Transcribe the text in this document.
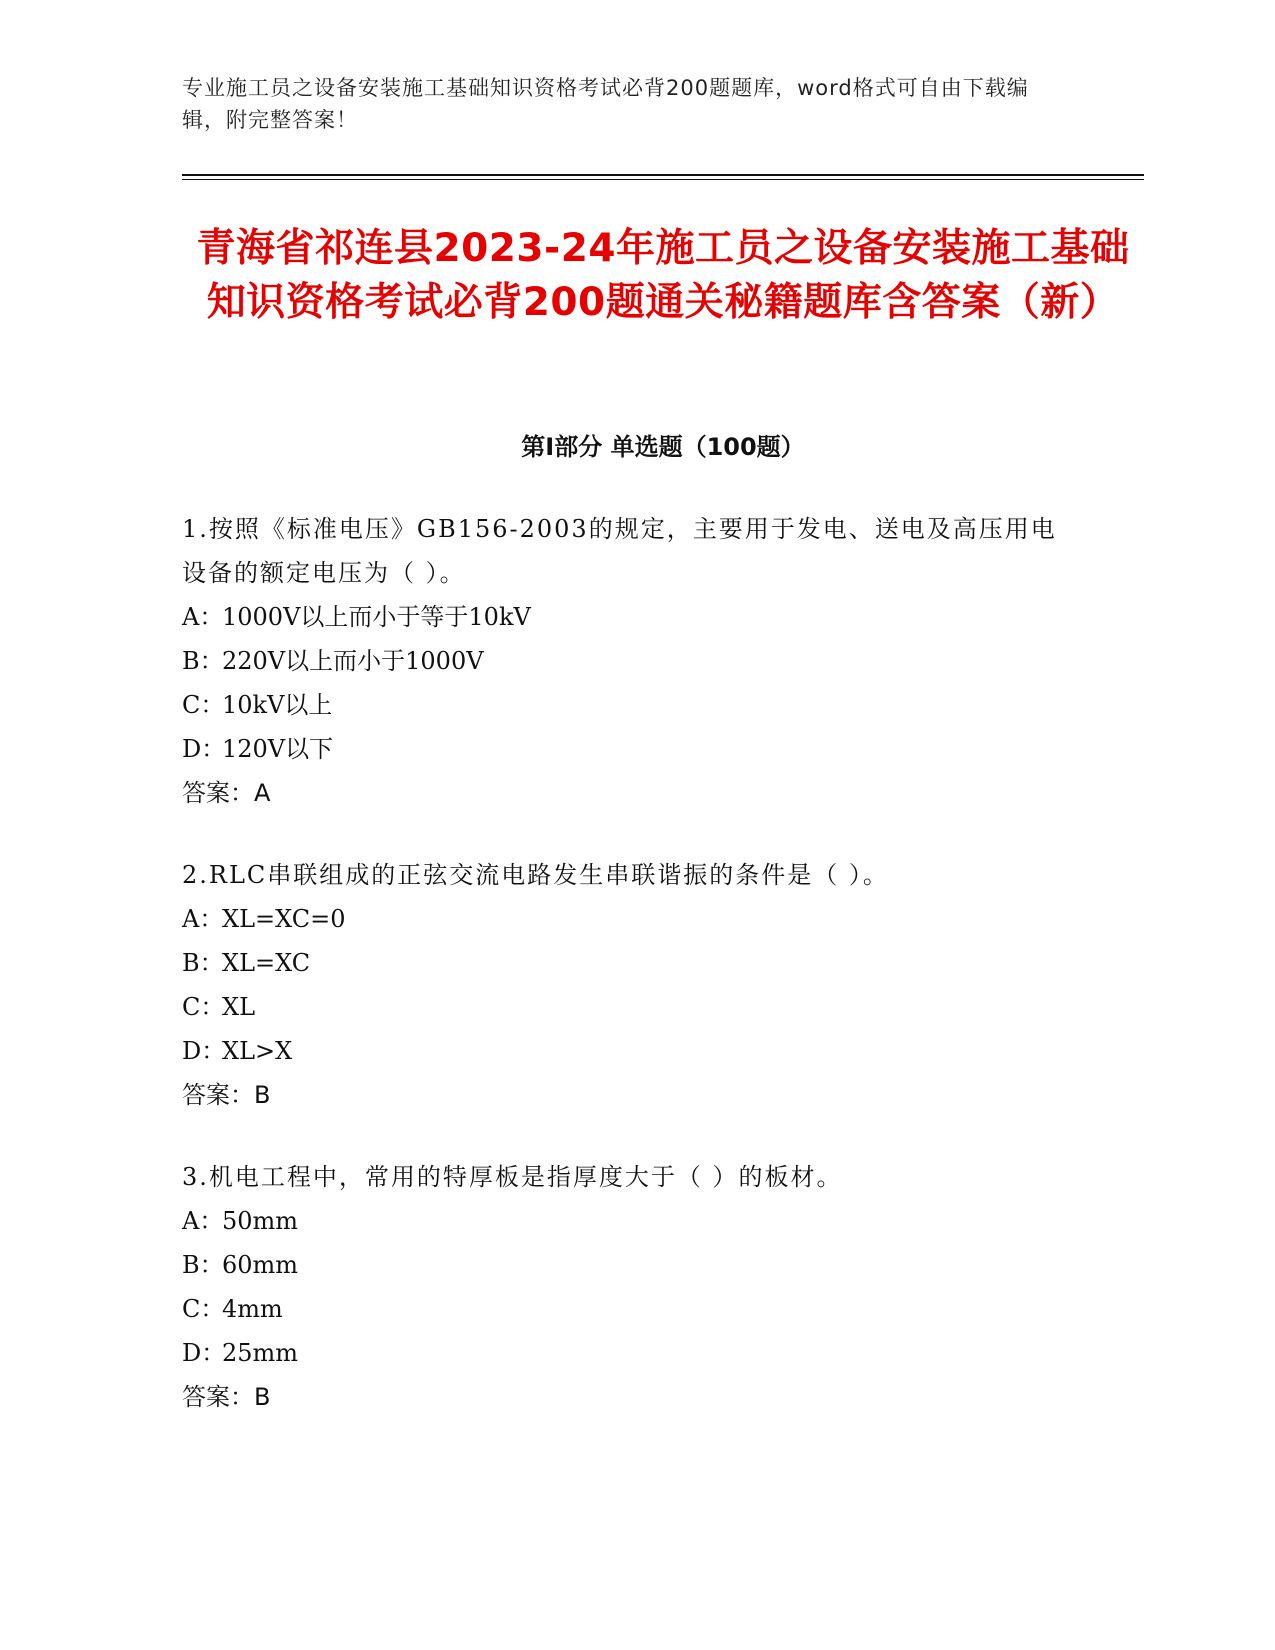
专业施工员之设备安装施工基础知识资格考试必背200题题库，word格式可自由下载编辑，附完整答案！
青海省祁连县2023-24年施工员之设备安装施工基础知识资格考试必背200题通关秘籍题库含答案（新）
第Ⅰ部分 单选题（100题）
1.按照《标准电压》GB156-2003的规定，主要用于发电、送电及高压用电设备的额定电压为（ ）。
A：1000V以上而小于等于10kV
B：220V以上而小于1000V
C：10kV以上
D：120V以下
答案：A
2.RLC串联组成的正弦交流电路发生串联谐振的条件是（ ）。
A：XL=XC=0
B：XL=XC
C：XL
D：XL>X
答案：B
3.机电工程中，常用的特厚板是指厚度大于（ ）的板材。
A：50mm
B：60mm
C：4mm
D：25mm
答案：B
